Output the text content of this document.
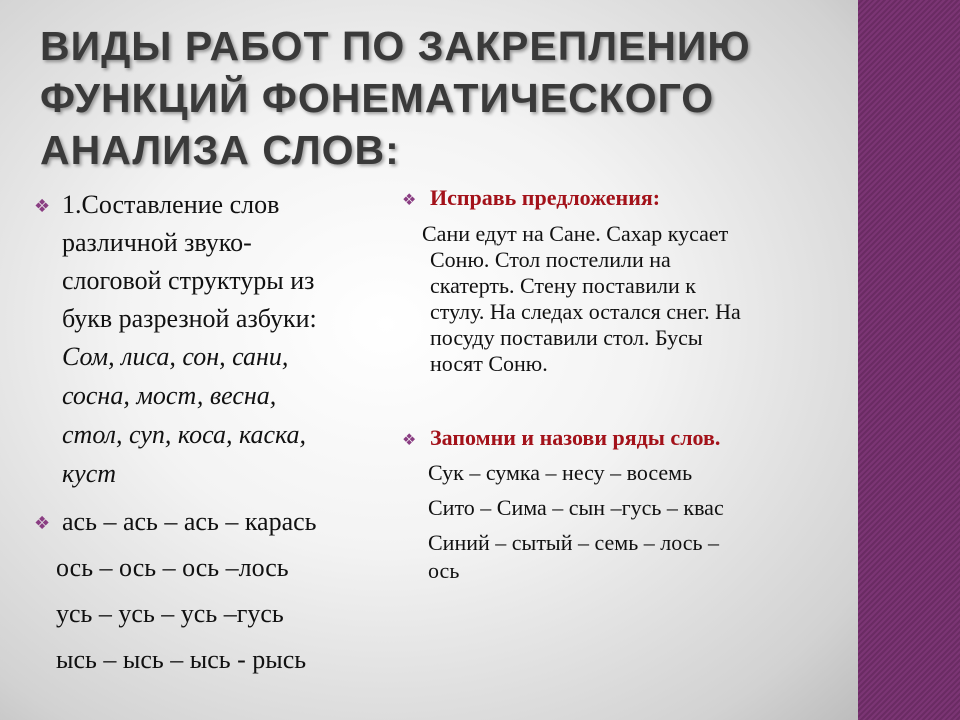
ВИДЫ РАБОТ ПО ЗАКРЕПЛЕНИЮ
ФУНКЦИЙ ФОНЕМАТИЧЕСКОГО
АНАЛИЗА СЛОВ:
❖ 1.Составление слов
различной звуко-
слоговой структуры из
букв разрезной азбуки:
Сом, лиса, сон, сани,
сосна, мост, весна,
стол, суп, коса, каска,
куст
❖ ась – ась – ась – карась
ось – ось – ось –лось
усь – усь – усь –гусь
ысь – ысь – ысь - рысь
❖ Исправь предложения:
Сани едут на Сане. Сахар кусает
Соню. Стол постелили на
скатерть. Стену поставили к
стулу. На следах остался снег. На
посуду поставили стол. Бусы
носят Соню.
❖ Запомни и назови ряды слов.
Сук – сумка – несу – восемь
Сито – Сима – сын –гусь – квас
Синий – сытый – семь – лось –
ось
